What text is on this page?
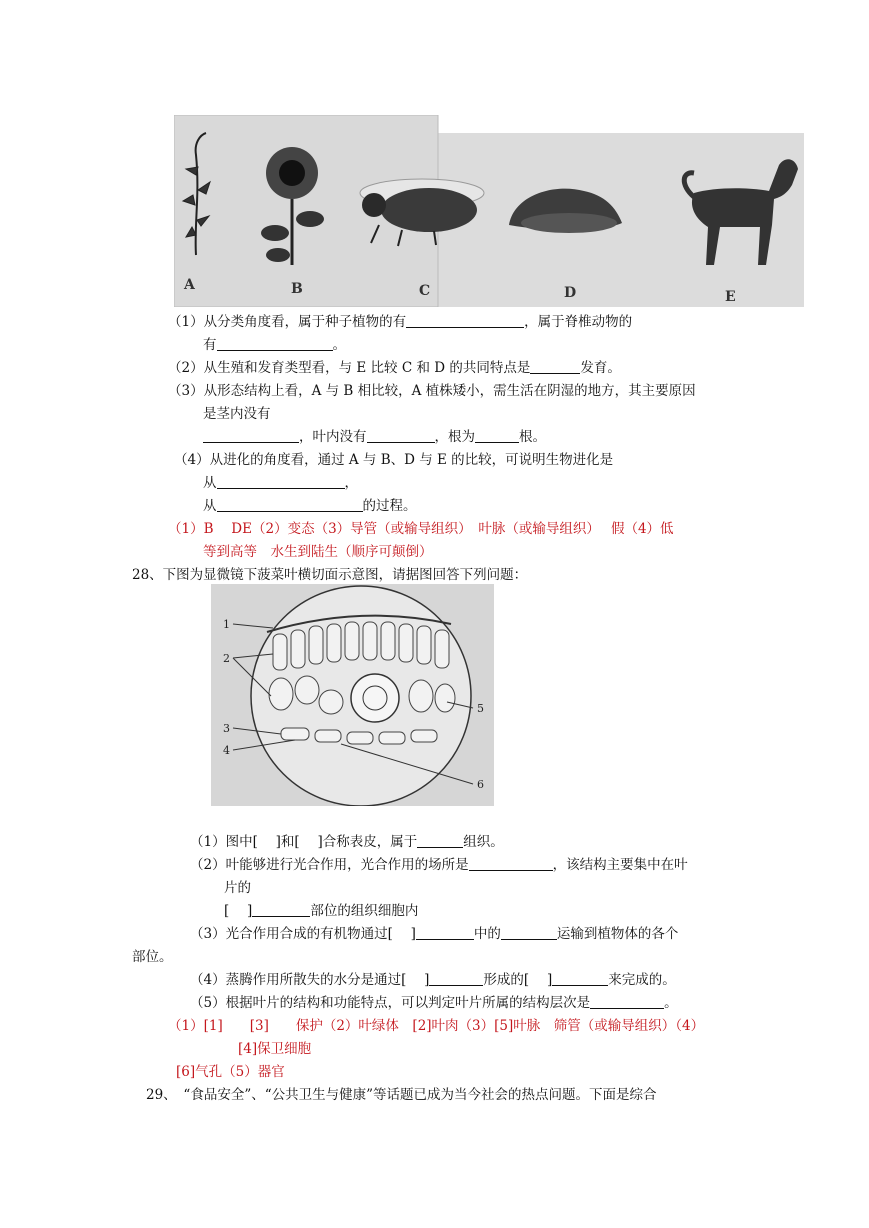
A	B	C	D	E
（1）从分类角度看，属于种子植物的有	，属于脊椎动物的
有	。
（2）从生殖和发育类型看，与 E 比较 C 和 D 的共同特点是	发育。
（3）从形态结构上看，A 与 B 相比较，A 植株矮小，需生活在阴湿的地方，其主要原因
是茎内没有
，叶内没有	，根为	根。
（4）从进化的角度看，通过 A 与 B、D 与 E 的比较，可说明生物进化是
从	，
从	的过程。
（1）B　 DE（2）变态（3）导管（或输导组织）　叶脉（或输导组织）　 假（4）低
等到高等　水生到陆生（顺序可颠倒）
28、下图为显微镜下菠菜叶横切面示意图，请据图回答下列问题：
1
2
3
4
5
6
（1）图中[　 ]和[　 ]合称表皮，属于	组织。
（2）叶能够进行光合作用，光合作用的场所是	，该结构主要集中在叶
片的
[　 ]	部位的组织细胞内
（3）光合作用合成的有机物通过[　 ]	中的	运输到植物体的各个
部位。
（4）蒸腾作用所散失的水分是通过[　 ]	形成的[　 ]	来完成的。
（5）根据叶片的结构和功能特点，可以判定叶片所属的结构层次是	。
（1）[1]　　[3]　　保护（2）叶绿体　[2]叶肉（3）[5]叶脉　筛管（或输导组织）（4）
[4]保卫细胞
[6]气孔（5）器官
29、　“食品安全”、“公共卫生与健康”等话题已成为当今社会的热点问题。下面是综合
